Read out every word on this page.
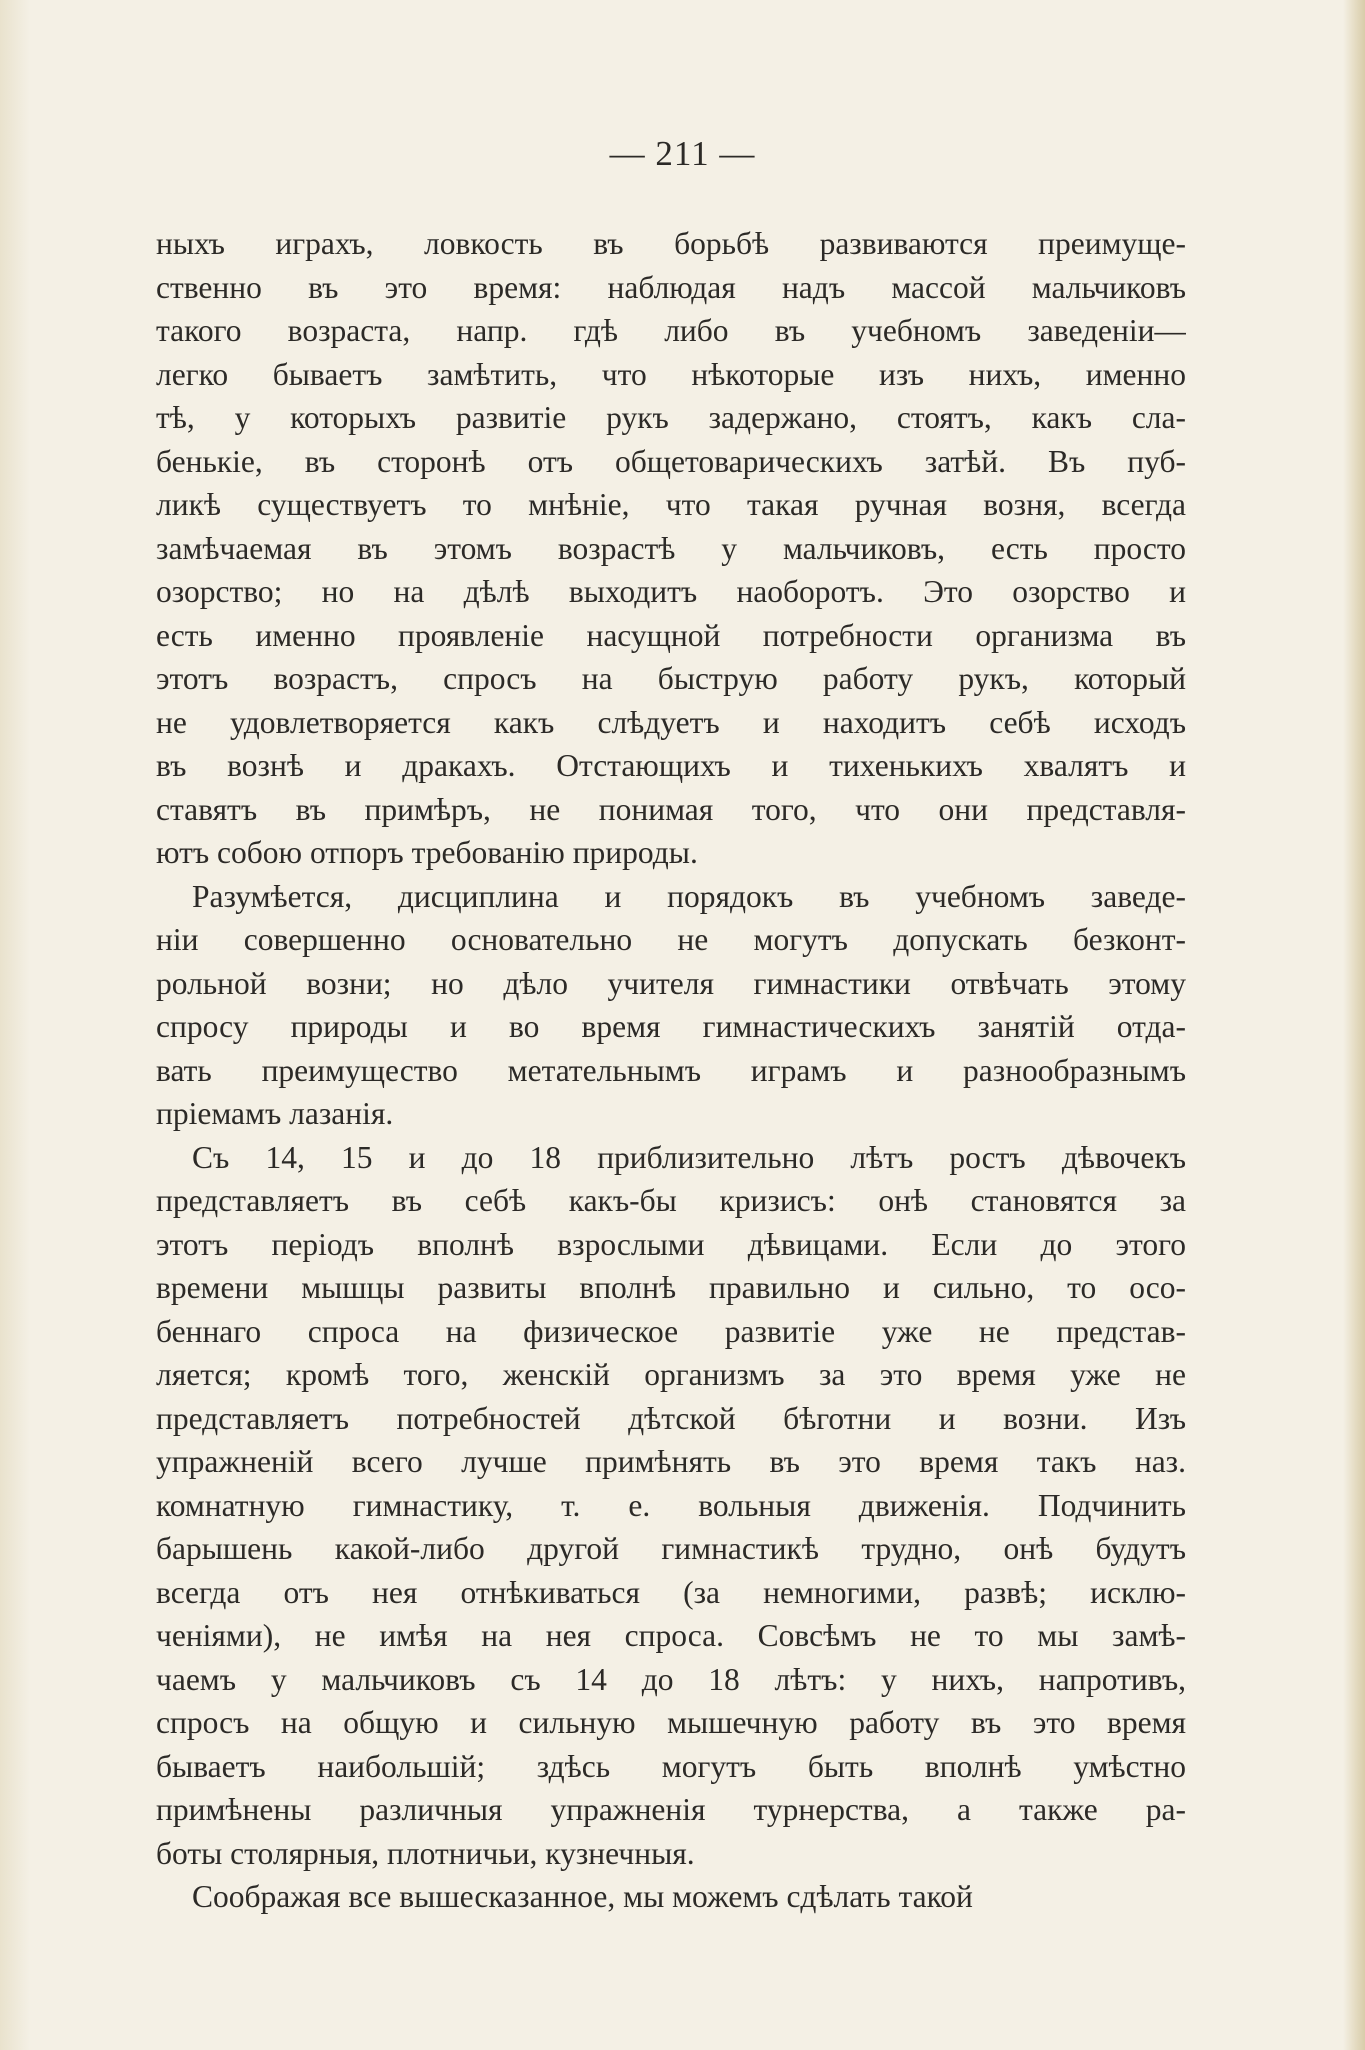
— 211 —
ныхъ играхъ, ловкость въ борьбѣ развиваются преимуще-
ственно въ это время: наблюдая надъ массой мальчиковъ
такого возраста, напр. гдѣ либо въ учебномъ заведеніи—
легко бываетъ замѣтить, что нѣкоторые изъ нихъ, именно
тѣ, у которыхъ развитіе рукъ задержано, стоятъ, какъ сла-
бенькіе, въ сторонѣ отъ общетоварическихъ затѣй. Въ пуб-
ликѣ существуетъ то мнѣніе, что такая ручная возня, всегда
замѣчаемая въ этомъ возрастѣ у мальчиковъ, есть просто
озорство; но на дѣлѣ выходитъ наоборотъ. Это озорство и
есть именно проявленіе насущной потребности организма въ
этотъ возрастъ, спросъ на быструю работу рукъ, который
не удовлетворяется какъ слѣдуетъ и находитъ себѣ исходъ
въ вознѣ и дракахъ. Отстающихъ и тихенькихъ хвалятъ и
ставятъ въ примѣръ, не понимая того, что они представля-
ютъ собою отпоръ требованію природы.
Разумѣется, дисциплина и порядокъ въ учебномъ заведе-
ніи совершенно основательно не могутъ допускать безконт-
рольной возни; но дѣло учителя гимнастики отвѣчать этому
спросу природы и во время гимнастическихъ занятій отда-
вать преимущество метательнымъ играмъ и разнообразнымъ
пріемамъ лазанія.
Съ 14, 15 и до 18 приблизительно лѣтъ ростъ дѣвочекъ
представляетъ въ себѣ какъ-бы кризисъ: онѣ становятся за
этотъ періодъ вполнѣ взрослыми дѣвицами. Если до этого
времени мышцы развиты вполнѣ правильно и сильно, то осо-
беннаго спроса на физическое развитіе уже не представ-
ляется; кромѣ того, женскій организмъ за это время уже не
представляетъ потребностей дѣтской бѣготни и возни. Изъ
упражненій всего лучше примѣнять въ это время такъ наз.
комнатную гимнастику, т. е. вольныя движенія. Подчинить
барышень какой-либо другой гимнастикѣ трудно, онѣ будутъ
всегда отъ нея отнѣкиваться (за немногими, развѣ; исклю-
ченіями), не имѣя на нея спроса. Совсѣмъ не то мы замѣ-
чаемъ у мальчиковъ съ 14 до 18 лѣтъ: у нихъ, напротивъ,
спросъ на общую и сильную мышечную работу въ это время
бываетъ наибольшій; здѣсь могутъ быть вполнѣ умѣстно
примѣнены различныя упражненія турнерства, а также ра-
боты столярныя, плотничьи, кузнечныя.
Соображая все вышесказанное, мы можемъ сдѣлать такой
